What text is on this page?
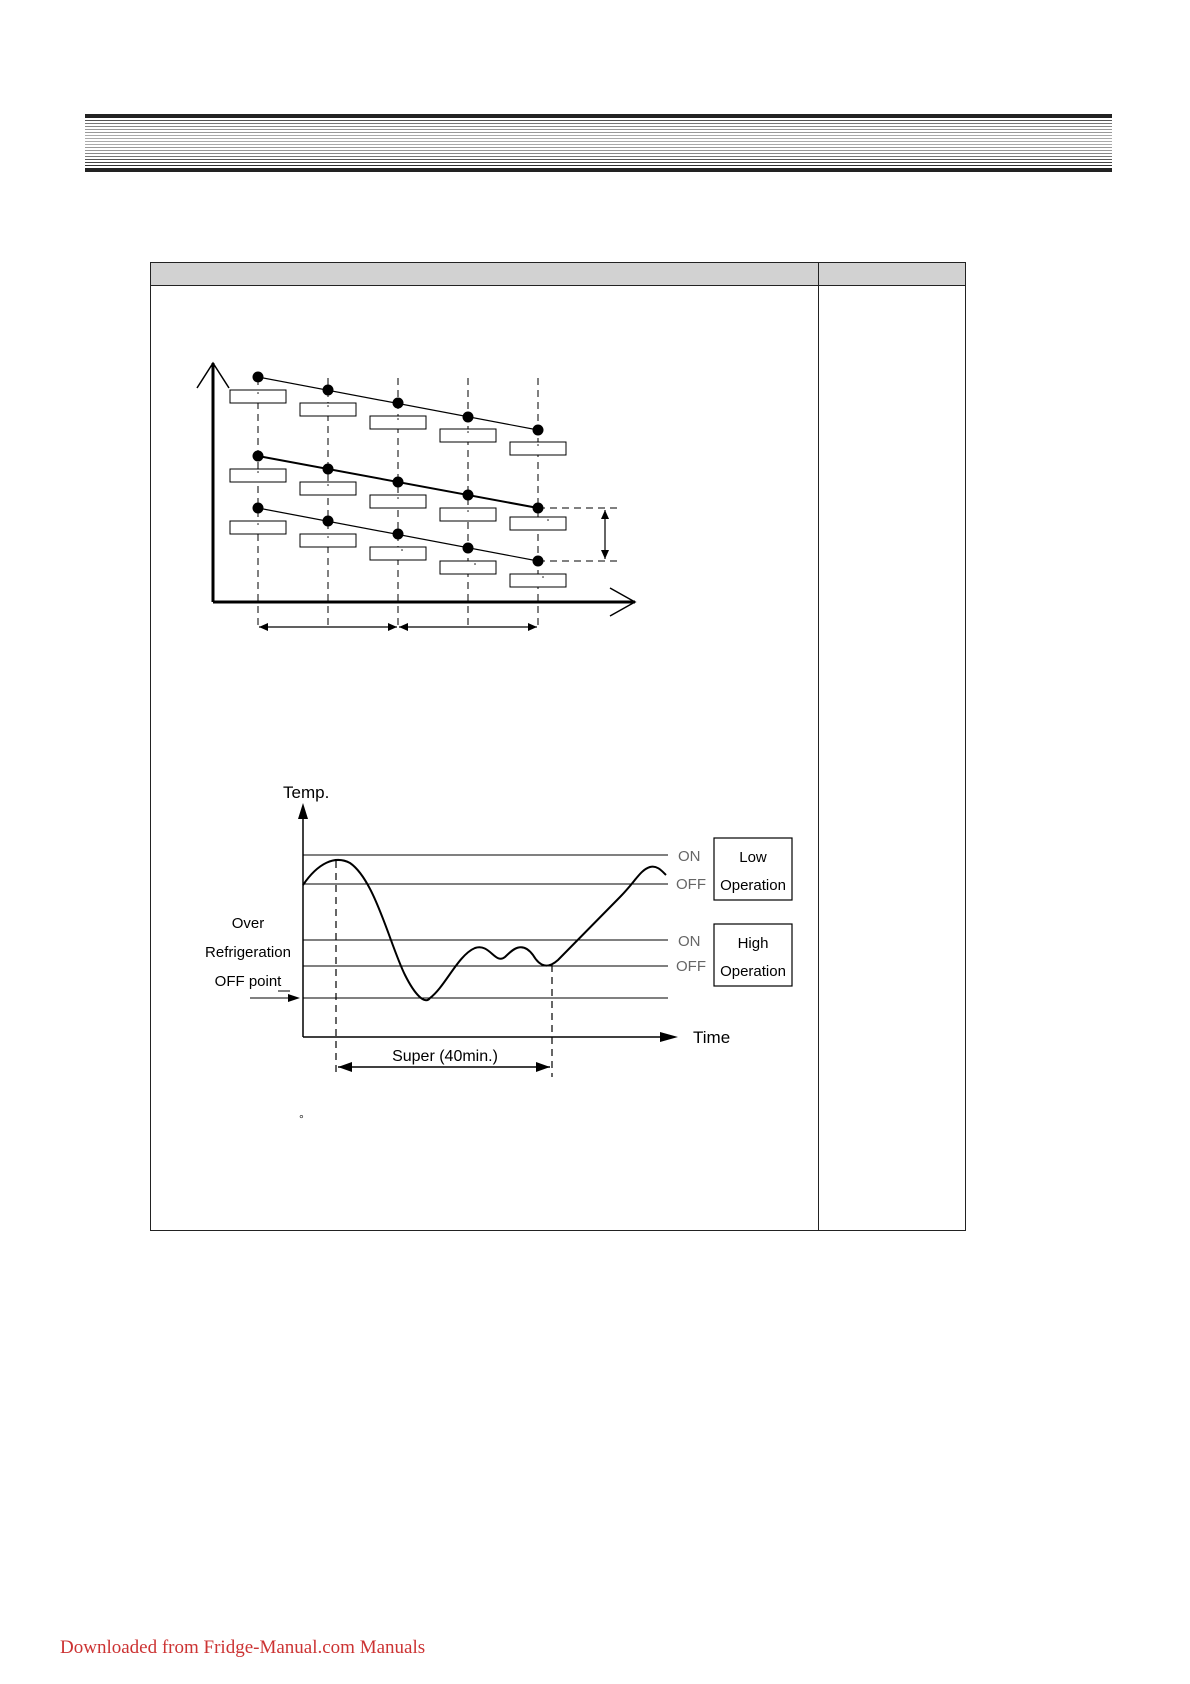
°
°
°
°
°
°
°
°
°
°
°
°
°
°
°
Temp.
Time
ON
OFF
ON
OFF
Low
Operation
High
Operation
Super (40min.)
Over
Refrigeration
OFF point
°
Downloaded from Fridge-Manual.com Manuals
